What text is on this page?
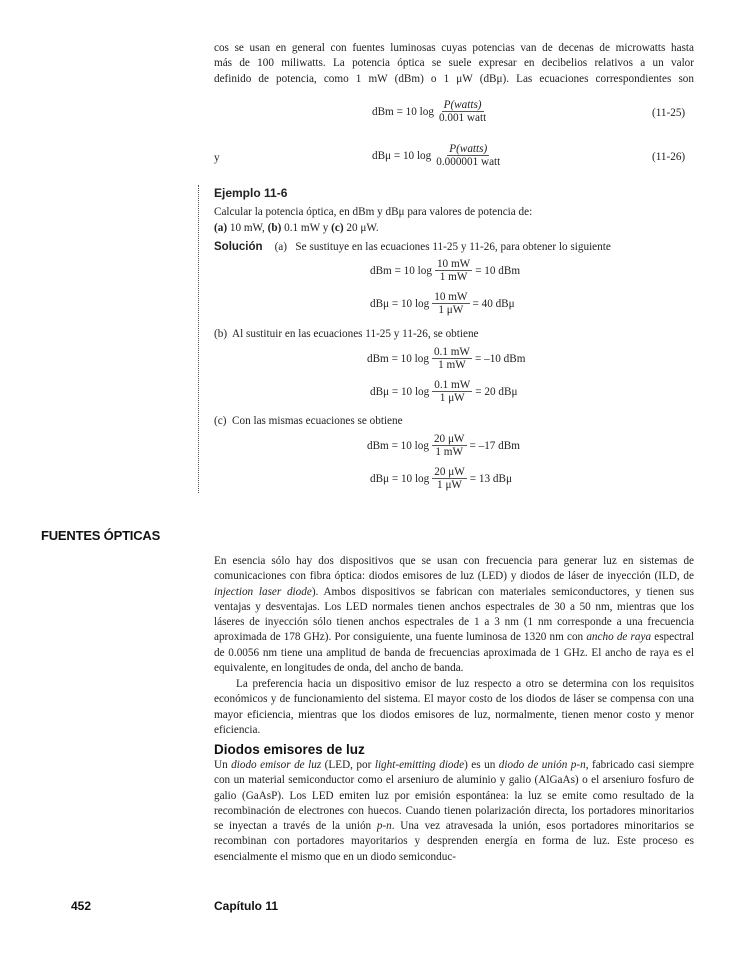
cos se usan en general con fuentes luminosas cuyas potencias van de decenas de microwatts hasta
más de 100 miliwatts. La potencia óptica se suele expresar en decibelios relativos a un valor
definido de potencia, como 1 mW (dBm) o 1 μW (dBμ). Las ecuaciones correspondientes son
dBm
= 10 $\log \frac{\text{P(watts)}}{\text{0.001 watt}}$	(11-25)
y	dBμ
= 10 $\log \frac{\text{P(watts)}}{\text{0.000001 watt}}$	(11-26)
Ejemplo 11-6
Calcular la potencia óptica, en dBm y dBμ para valores de potencia de:
(a) 10 mW, (b) 0.1 mW y (c) 20 μW.
Solución (a)   Se sustituye en las ecuaciones 11-25 y 11-26, para obtener lo siguiente
dBm
= 10 $\log \frac{10 mW}{1 mW} = 10$ dBm
dBμ
= 10 $\log \frac{10 mW}{1 \mu W} = 40$ dBμ
(b)  Al sustituir en las ecuaciones 11-25 y 11-26, se obtiene
dBm
= 10 $\log \frac{0.1 mW}{1 mW} = -10$ dBm
dBμ
= 10 $\log \frac{0.1 mW}{1 \mu W} = 20$ dBμ
(c)  Con las mismas ecuaciones se obtiene
dBm
= 10 $\log \frac{20 \mu W}{1 mW} = -17$ dBm
dBμ
= 10 $\log \frac{20 \mu W}{1 \mu W} = 13$ dBμ
FUENTES ÓPTICAS
En esencia sólo hay dos dispositivos que se usan con frecuencia para generar luz en sistemas de comunicaciones con fibra óptica: diodos emisores de luz (LED) y diodos de láser de inyección (ILD, de injection laser diode). Ambos dispositivos se fabrican con materiales semiconductores, y tienen sus ventajas y desventajas. Los LED normales tienen anchos espectrales de 30 a 50 nm, mientras que los láseres de inyección sólo tienen anchos espectrales de 1 a 3 nm (1 nm corresponde a una frecuencia aproximada de 178 GHz). Por consiguiente, una fuente luminosa de 1320 nm con ancho de raya espectral de 0.0056 nm tiene una amplitud de banda de frecuencias aproximada de 1 GHz. El ancho de raya es el equivalente, en longitudes de onda, del ancho de banda.
La preferencia hacia un dispositivo emisor de luz respecto a otro se determina con los requisitos económicos y de funcionamiento del sistema. El mayor costo de los diodos de láser se compensa con una mayor eficiencia, mientras que los diodos emisores de luz, normalmente, tienen menor costo y menor eficiencia.
Diodos emisores de luz
Un diodo emisor de luz (LED, por light-emitting diode) es un diodo de unión p-n, fabricado casi siempre con un material semiconductor como el arseniuro de aluminio y galio (AlGaAs) o el arseniuro fosfuro de galio (GaAsP). Los LED emiten luz por emisión espontánea: la luz se emite como resultado de la recombinación de electrones con huecos. Cuando tienen polarización directa, los portadores minoritarios se inyectan a través de la unión p-n. Una vez atravesada la unión, esos portadores minoritarios se recombinan con portadores mayoritarios y desprenden energía en forma de luz. Este proceso es esencialmente el mismo que en un diodo semiconduc-
452	Capítulo 11
